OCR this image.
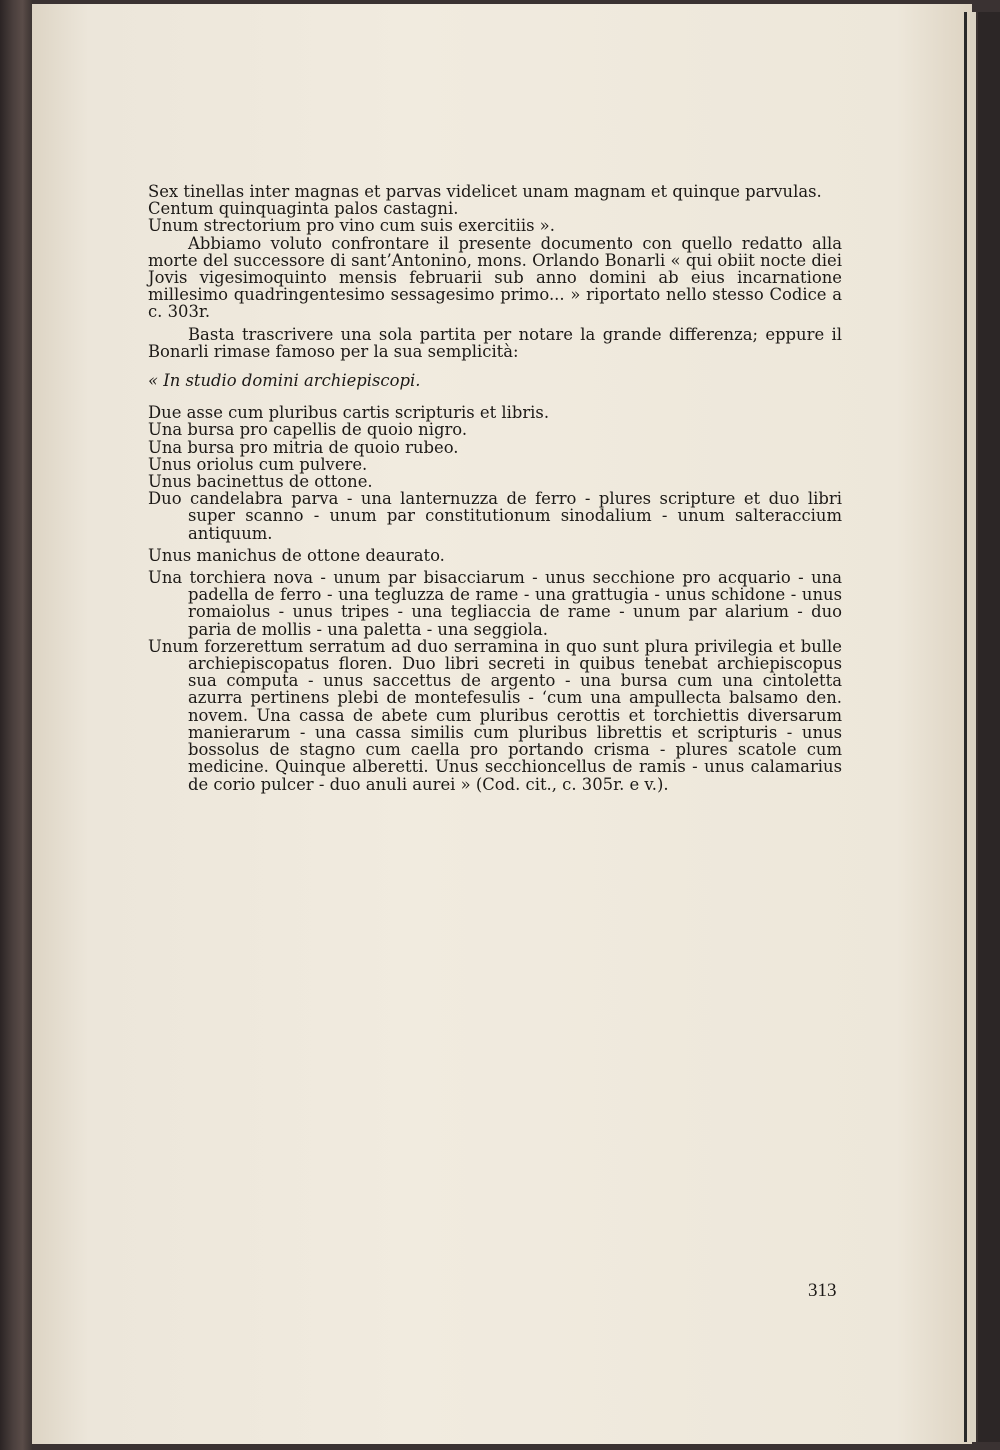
Sex tinellas inter magnas et parvas videlicet unam magnam et quinque parvulas.

Centum quinquaginta palos castagni.

Unum strectorium pro vino cum suis exercitiis ».

Abbiamo voluto confrontare il presente documento con quello redatto alla morte del successore di sant’Antonino, mons. Orlando Bonarli « qui obiit nocte diei Jovis vigesimoquinto mensis februarii sub anno domini ab eius incarnatione millesimo quadringentesimo sessagesimo primo... » riportato nello stesso Codice a c. 303r.

Basta trascrivere una sola partita per notare la grande differenza; eppure il Bonarli rimase famoso per la sua semplicità:

« In studio domini archiepiscopi.

Due asse cum pluribus cartis scripturis et libris.

Una bursa pro capellis de quoio nigro.

Una bursa pro mitria de quoio rubeo.

Unus oriolus cum pulvere.

Unus bacinettus de ottone.

Duo candelabra parva - una lanternuzza de ferro - plures scripture et duo libri super scanno - unum par constitutionum sinodalium - unum salteraccium antiquum.

Unus manichus de ottone deaurato.

Una torchiera nova - unum par bisacciarum - unus secchione pro acquario - una padella de ferro - una tegluzza de rame - una grattugia - unus schidone - unus romaiolus - unus tripes - una tegliaccia de rame - unum par alarium - duo paria de mollis - una paletta - una seggiola.

Unum forzerettum serratum ad duo serramina in quo sunt plura privilegia et bulle archiepiscopatus floren. Duo libri secreti in quibus tenebat archiepiscopus sua computa - unus saccettus de argento - una bursa cum una cintoletta azurra pertinens plebi de montefesulis - ‘cum una ampullecta balsamo den. novem. Una cassa de abete cum pluribus cerottis et torchiettis diversarum manierarum - una cassa similis cum pluribus librettis et scripturis - unus bossolus de stagno cum caella pro portando crisma - plures scatole cum medicine. Quinque alberetti. Unus secchioncellus de ramis - unus calamarius de corio pulcer - duo anuli aurei » (Cod. cit., c. 305r. e v.).

313
